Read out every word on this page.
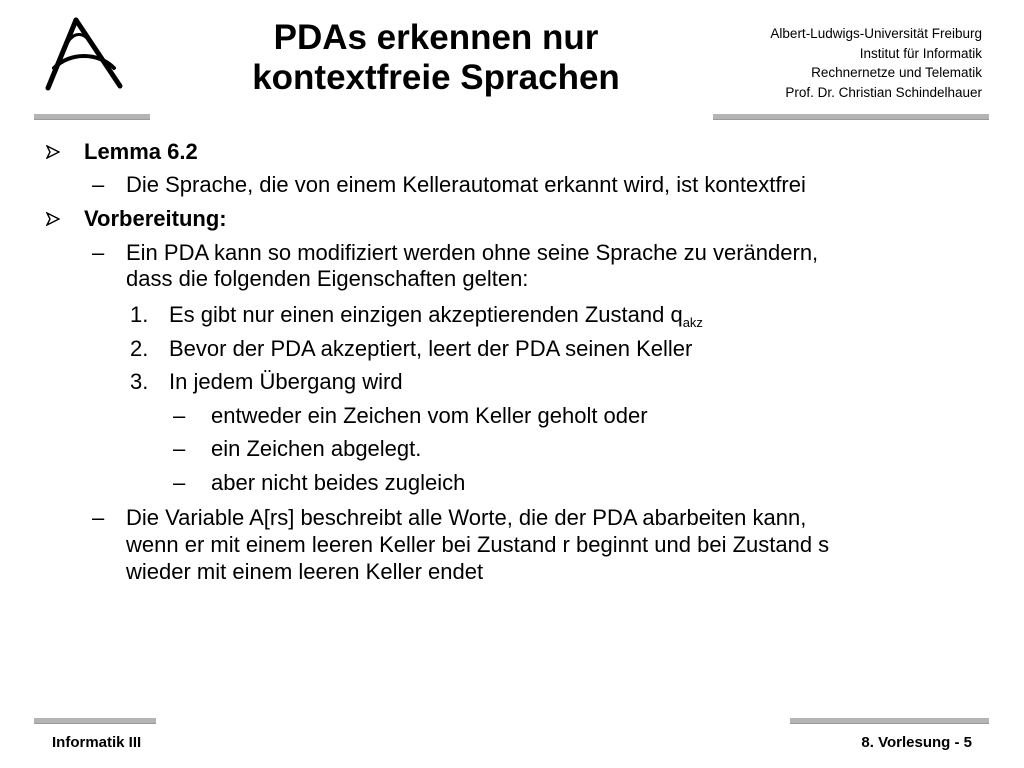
PDAs erkennen nur
kontextfreie Sprachen
Albert-Ludwigs-Universität Freiburg
Institut für Informatik
Rechnernetze und Telematik
Prof. Dr. Christian Schindelhauer
Lemma 6.2
– Die Sprache, die von einem Kellerautomat erkannt wird, ist kontextfrei
Vorbereitung:
– Ein PDA kann so modifiziert werden ohne seine Sprache zu verändern,
dass die folgenden Eigenschaften gelten:
1. Es gibt nur einen einzigen akzeptierenden Zustand $q_{akz}$
2. Bevor der PDA akzeptiert, leert der PDA seinen Keller
3. In jedem Übergang wird
– entweder ein Zeichen vom Keller geholt oder
– ein Zeichen abgelegt.
– aber nicht beides zugleich
– Die Variable A[rs] beschreibt alle Worte, die der PDA abarbeiten kann,
wenn er mit einem leeren Keller bei Zustand r beginnt und bei Zustand s
wieder mit einem leeren Keller endet
Informatik III	8. Vorlesung - 5
